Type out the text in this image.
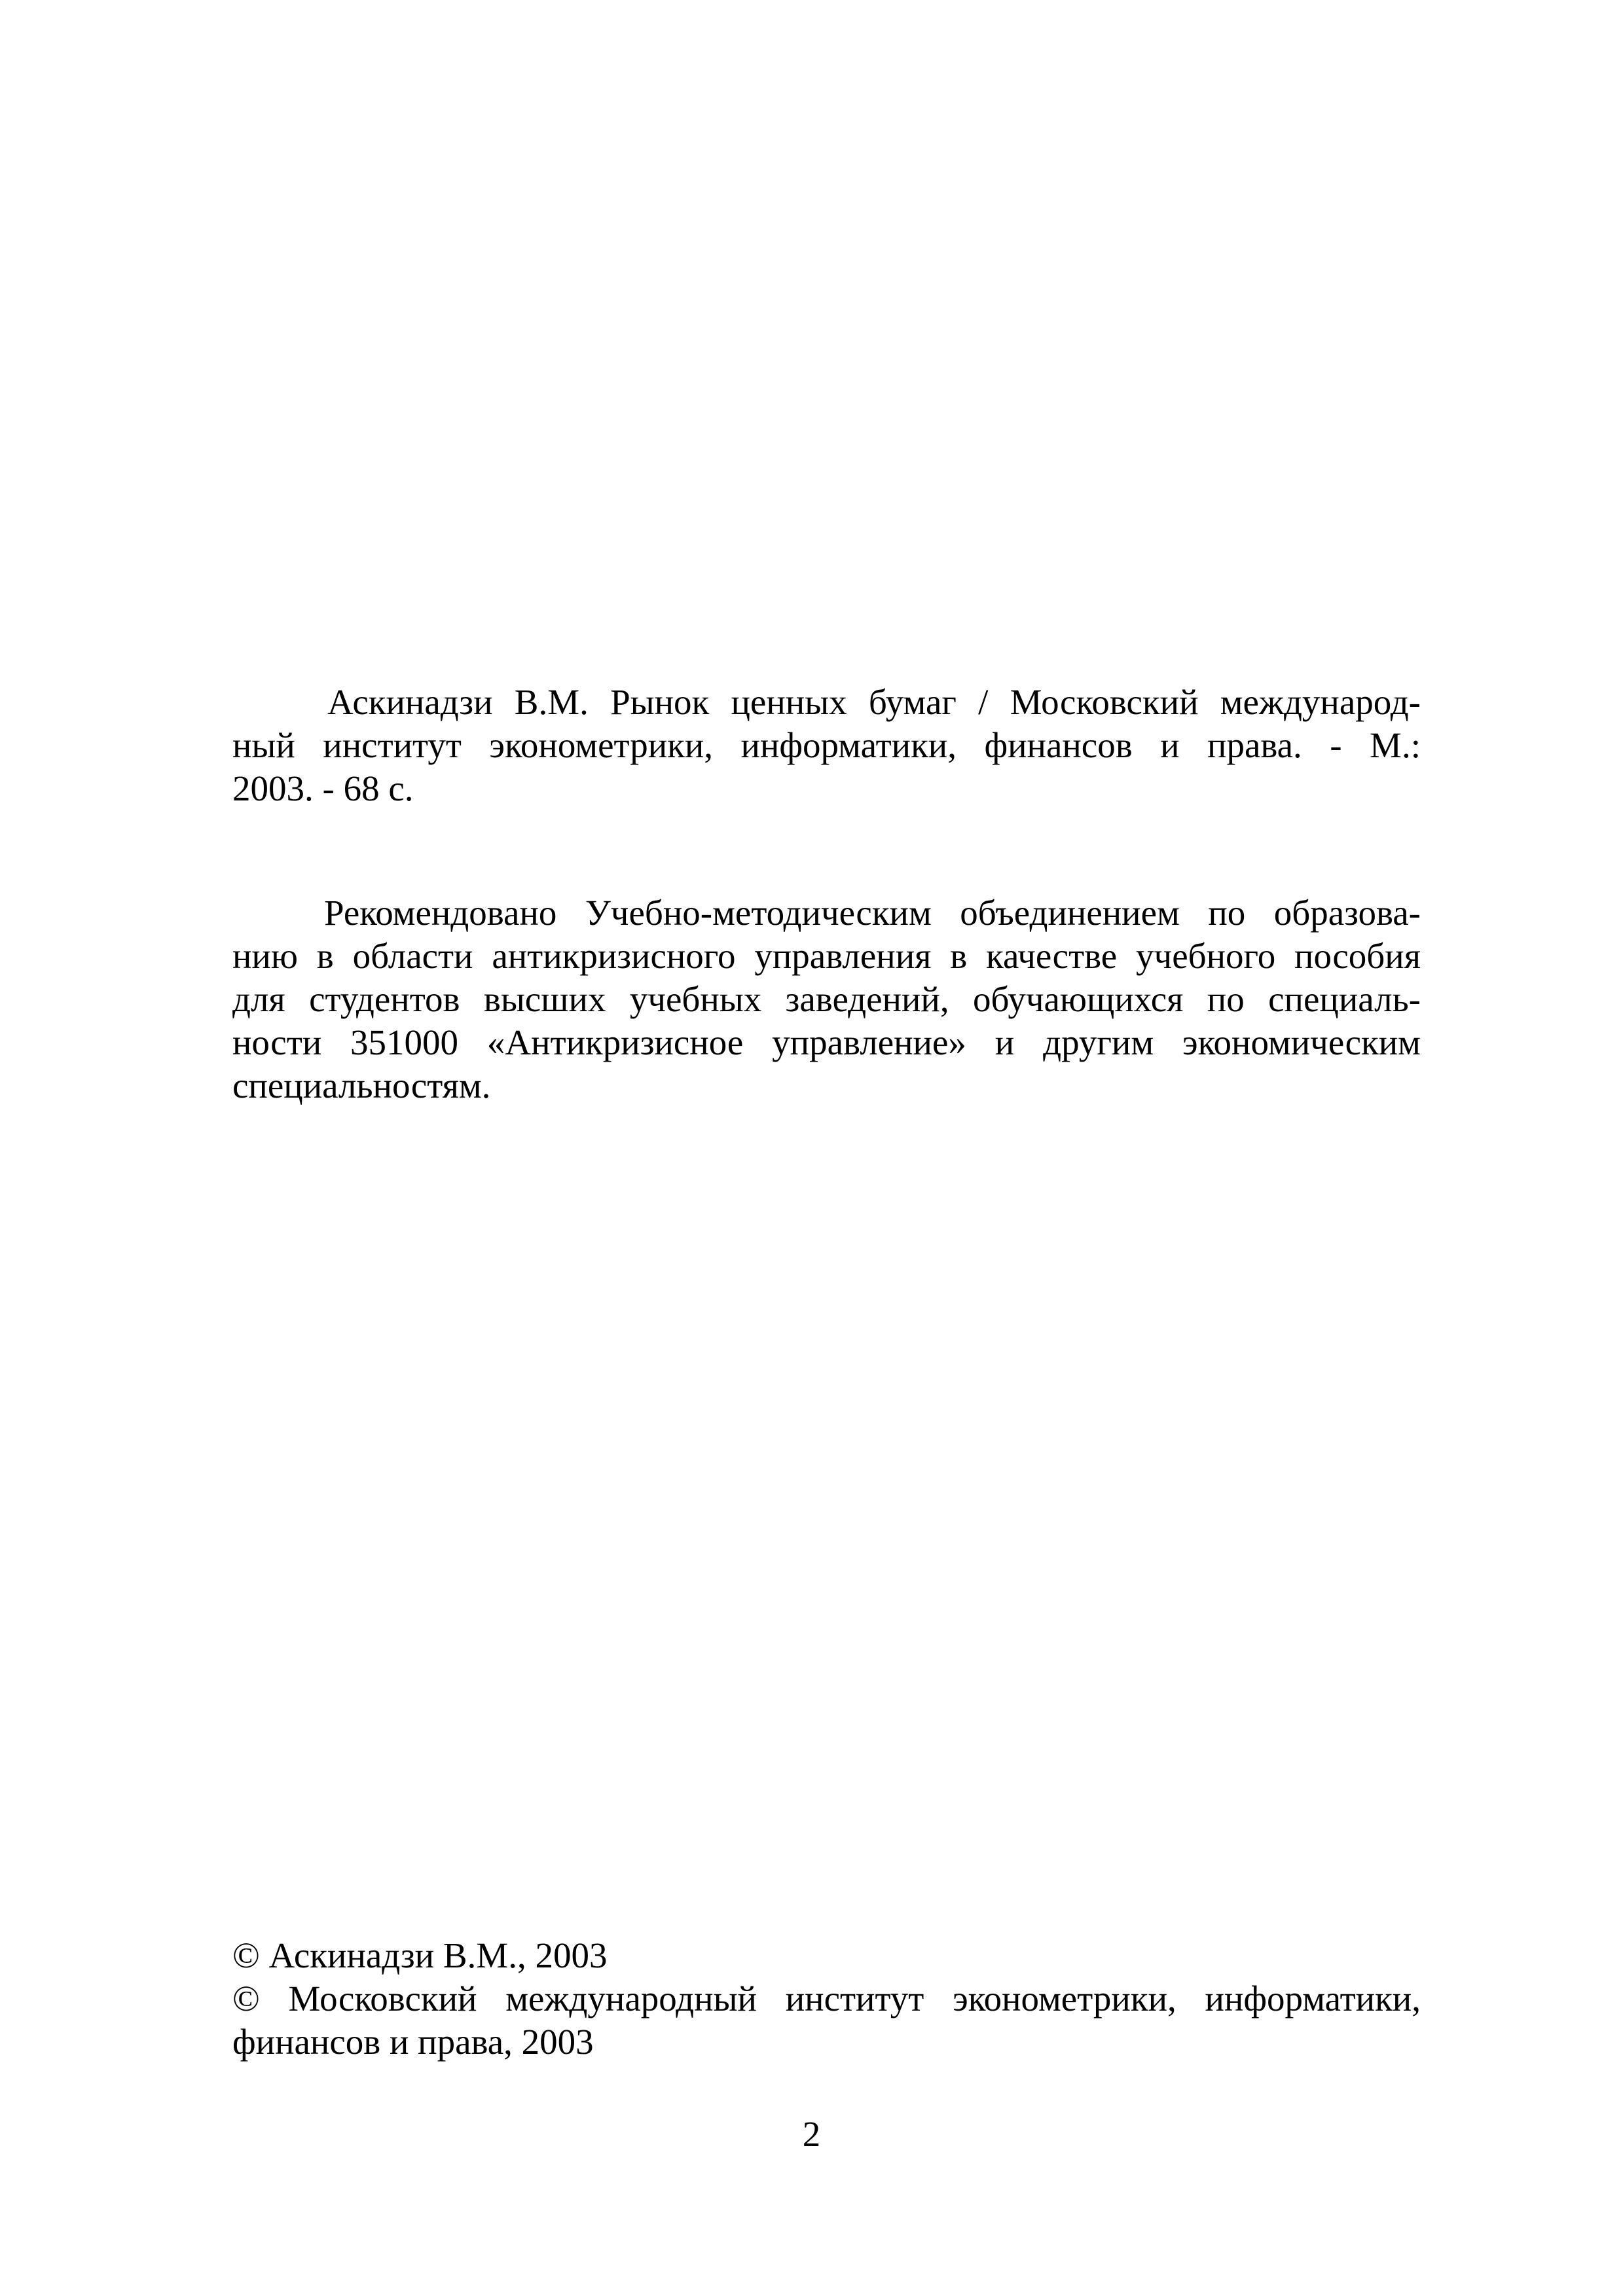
Аскинадзи В.М. Рынок ценных бумаг / Московский международ-
ный институт эконометрики, информатики, финансов и права. - М.:
2003. - 68 с.
Рекомендовано Учебно-методическим объединением по образова-
нию в области антикризисного управления в качестве учебного пособия
для студентов высших учебных заведений, обучающихся по специаль-
ности 351000 «Антикризисное управление» и другим экономическим
специальностям.
© Аскинадзи В.М., 2003
© Московский международный институт эконометрики, информатики,
финансов и права, 2003
2
